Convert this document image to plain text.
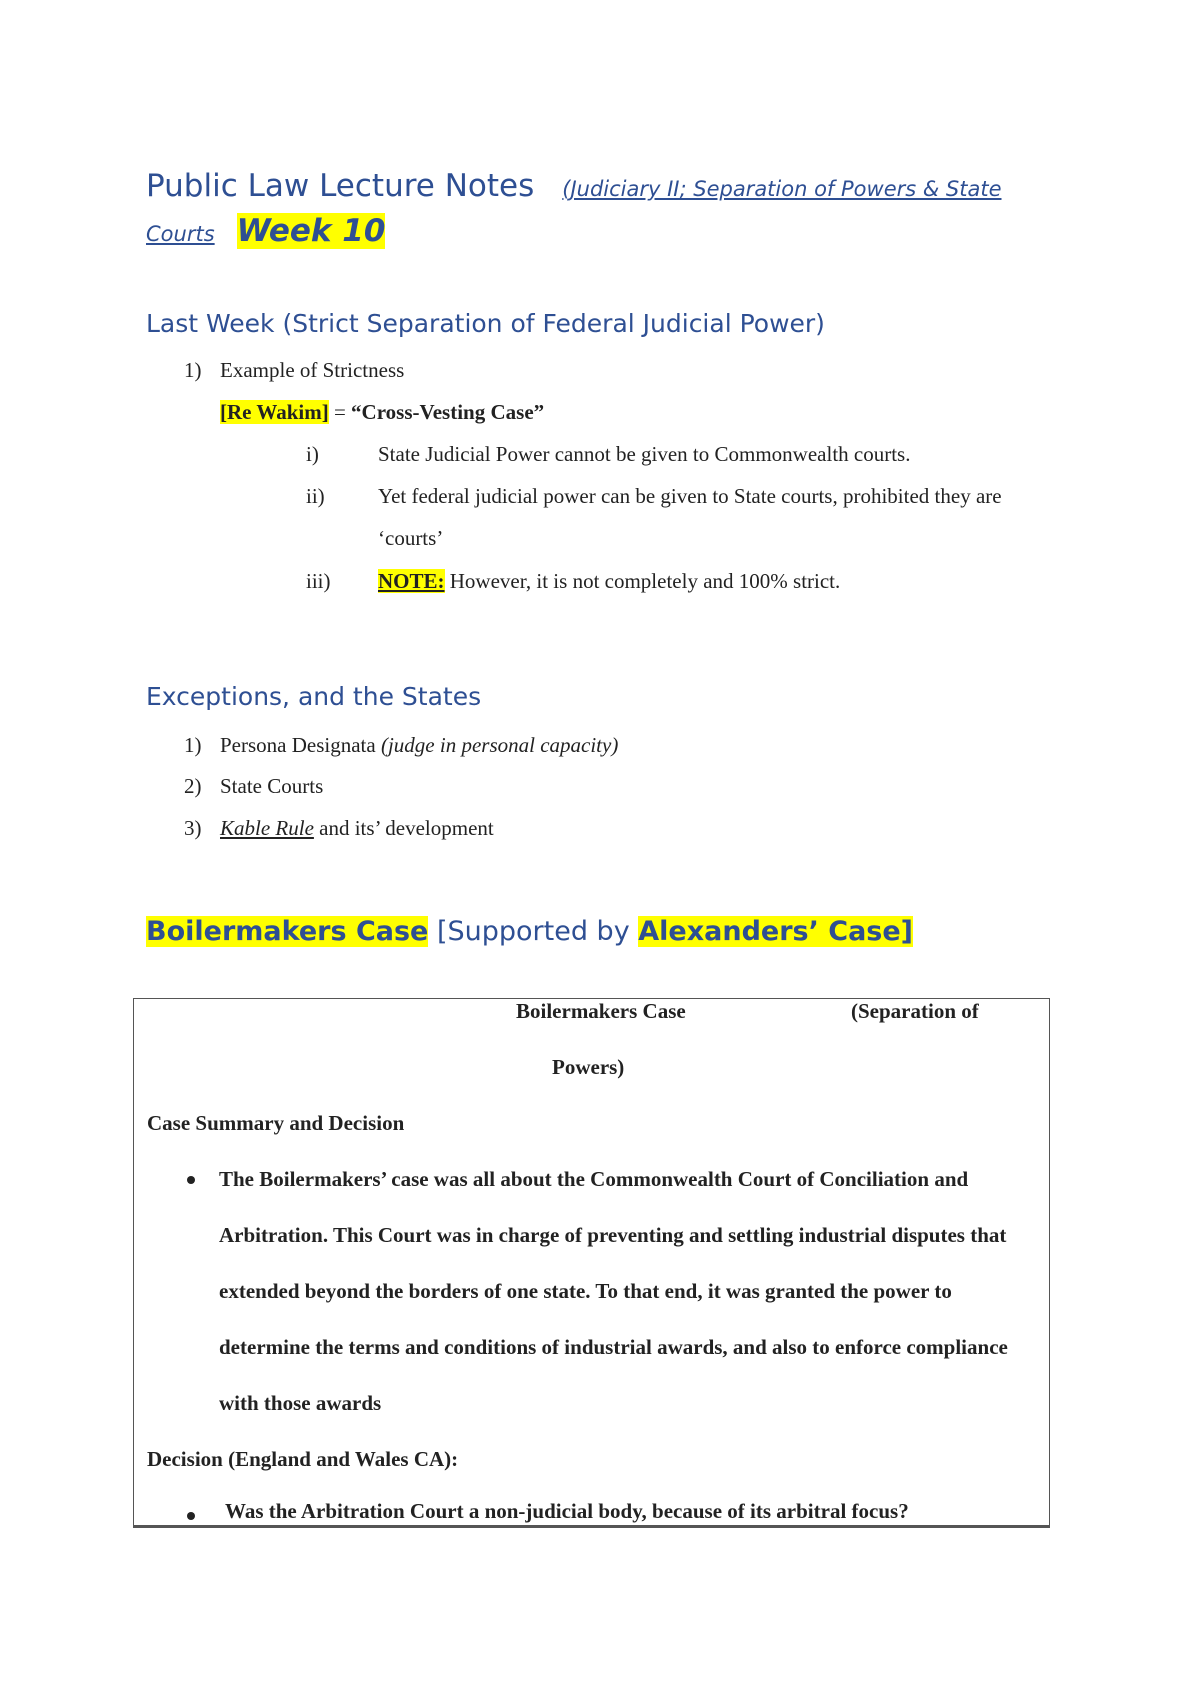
Public Law Lecture Notes (Judiciary II; Separation of Powers & State Courts Week 10
Last Week (Strict Separation of Federal Judicial Power)
1) Example of Strictness
[Re Wakim] = “Cross-Vesting Case”
i)	State Judicial Power cannot be given to Commonwealth courts.
ii)	Yet federal judicial power can be given to State courts, prohibited they are ‘courts’
iii) NOTE: However, it is not completely and 100% strict.
Exceptions, and the States
1) Persona Designata (judge in personal capacity)
2) State Courts
3) Kable Rule and its’ development
Boilermakers Case [Supported by Alexanders’ Case]
Boilermakers Case	(Separation of
Powers)
Case Summary and Decision
The Boilermakers’ case was all about the Commonwealth Court of Conciliation and Arbitration. This Court was in charge of preventing and settling industrial disputes that extended beyond the borders of one state. To that end, it was granted the power to determine the terms and conditions of industrial awards, and also to enforce compliance with those awards
Decision (England and Wales CA):
Was the Arbitration Court a non-judicial body, because of its arbitral focus?
